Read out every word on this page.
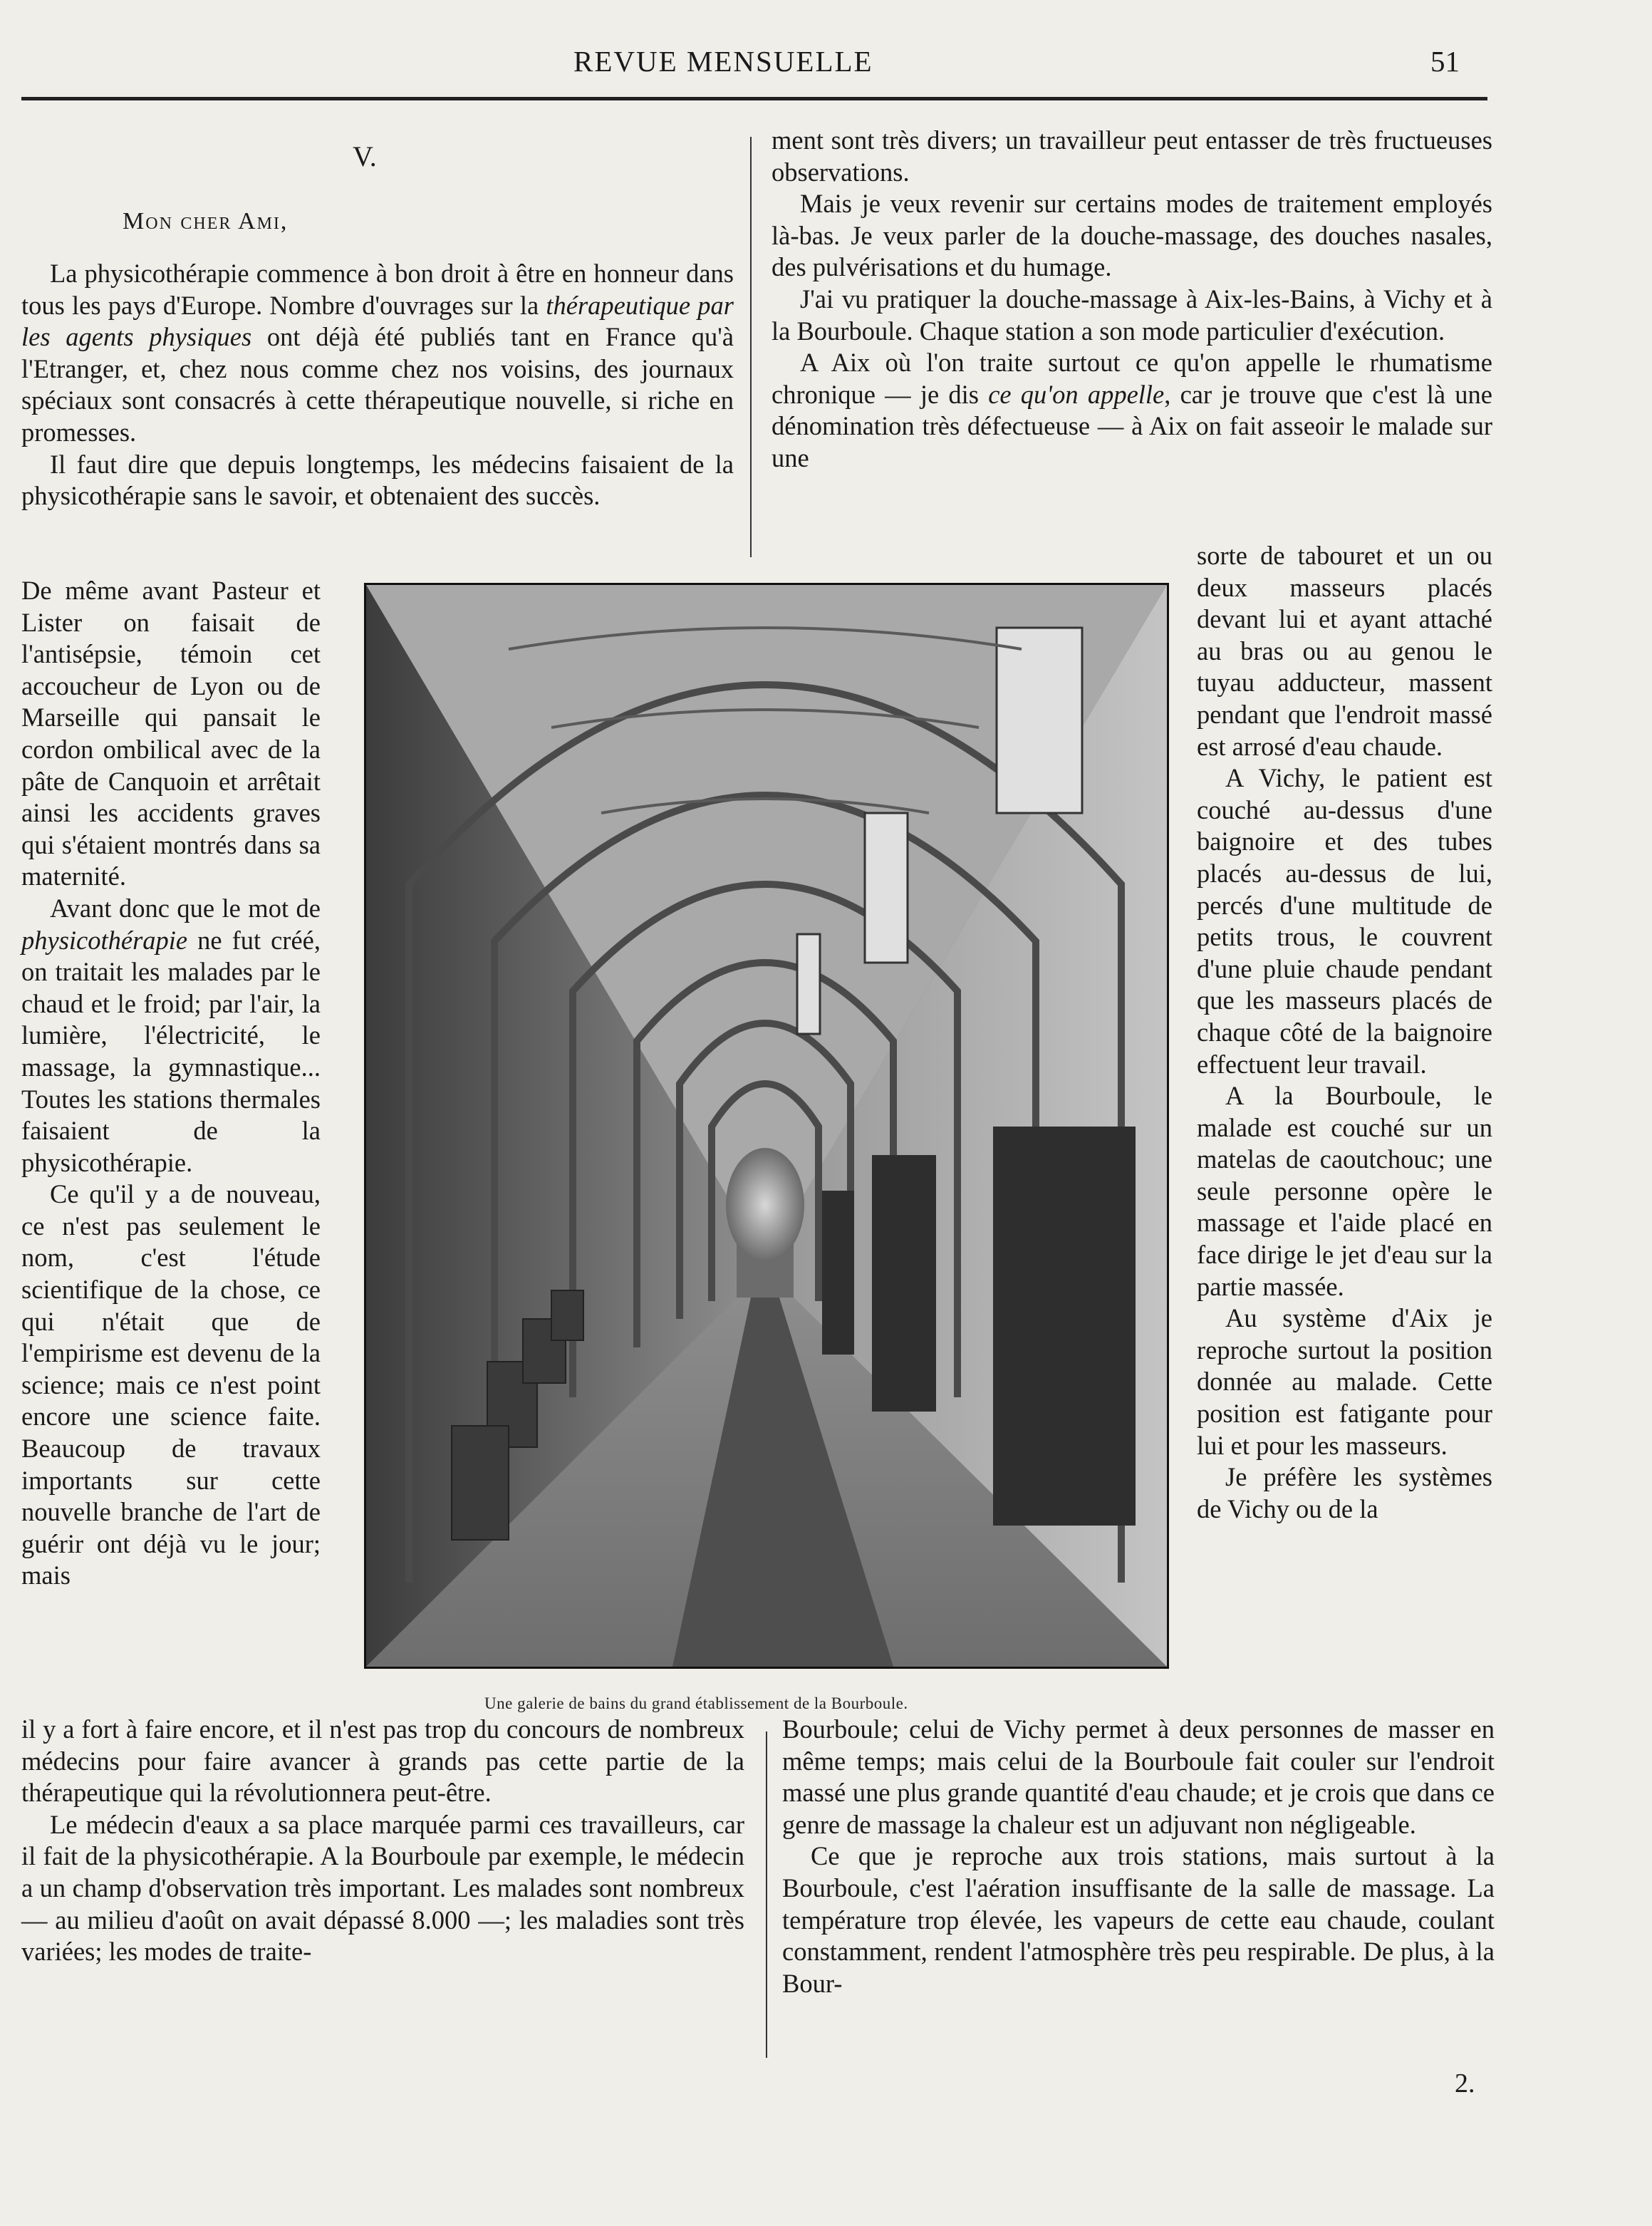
REVUE MENSUELLE	51
V.
Mon cher Ami,

La physicothérapie commence à bon droit à être en honneur dans tous les pays d'Europe. Nombre d'ouvrages sur la thérapeutique par les agents physiques ont déjà été publiés tant en France qu'à l'Etranger, et, chez nous comme chez nos voisins, des journaux spéciaux sont consacrés à cette thérapeutique nouvelle, si riche en promesses.

Il faut dire que depuis longtemps, les médecins faisaient de la physicothérapie sans le savoir, et obtenaient des succès.

De même avant Pasteur et Lister on faisait de l'antisépsie, témoin cet accoucheur de Lyon ou de Marseille qui pansait le cordon ombilical avec de la pâte de Canquoin et arrêtait ainsi les accidents graves qui s'étaient montrés dans sa maternité.

Avant donc que le mot de physicothérapie ne fut créé, on traitait les malades par le chaud et le froid; par l'air, la lumière, l'électricité, le massage, la gymnastique... Toutes les stations thermales faisaient de la physicothérapie.

Ce qu'il y a de nouveau, ce n'est pas seulement le nom, c'est l'étude scientifique de la chose, ce qui n'était que de l'empirisme est devenu de la science; mais ce n'est point encore une science faite. Beaucoup de travaux importants sur cette nouvelle branche de l'art de guérir ont déjà vu le jour; mais

il y a fort à faire encore, et il n'est pas trop du concours de nombreux médecins pour faire avancer à grands pas cette partie de la thérapeutique qui la révolutionnera peut-être.

Le médecin d'eaux a sa place marquée parmi ces travailleurs, car il fait de la physicothérapie. A la Bourboule par exemple, le médecin a un champ d'observation très important. Les malades sont nombreux — au milieu d'août on avait dépassé 8.000 —; les maladies sont très variées; les modes de traite-

ment sont très divers; un travailleur peut entasser de très fructueuses observations.

Mais je veux revenir sur certains modes de traitement employés là-bas. Je veux parler de la douche-massage, des douches nasales, des pulvérisations et du humage.

J'ai vu pratiquer la douche-massage à Aix-les-Bains, à Vichy et à la Bourboule. Chaque station a son mode particulier d'exécution.

A Aix où l'on traite surtout ce qu'on appelle le rhumatisme chronique — je dis ce qu'on appelle, car je trouve que c'est là une dénomination très défectueuse — à Aix on fait asseoir le malade sur une

sorte de tabouret et un ou deux masseurs placés devant lui et ayant attaché au bras ou au genou le tuyau adducteur, massent pendant que l'endroit massé est arrosé d'eau chaude.

A Vichy, le patient est couché au-dessus d'une baignoire et des tubes placés au-dessus de lui, percés d'une multitude de petits trous, le couvrent d'une pluie chaude pendant que les masseurs placés de chaque côté de la baignoire effectuent leur travail.

A la Bourboule, le malade est couché sur un matelas de caoutchouc; une seule personne opère le massage et l'aide placé en face dirige le jet d'eau sur la partie massée.

Au système d'Aix je reproche surtout la position donnée au malade. Cette position est fatigante pour lui et pour les masseurs.

Je préfère les systèmes de Vichy ou de la

Bourboule; celui de Vichy permet à deux personnes de masser en même temps; mais celui de la Bourboule fait couler sur l'endroit massé une plus grande quantité d'eau chaude; et je crois que dans ce genre de massage la chaleur est un adjuvant non négligeable.

Ce que je reproche aux trois stations, mais surtout à la Bourboule, c'est l'aération insuffisante de la salle de massage. La température trop élevée, les vapeurs de cette eau chaude, coulant constamment, rendent l'atmosphère très peu respirable. De plus, à la Bour-

Une galerie de bains du grand établissement de la Bourboule.
2.
